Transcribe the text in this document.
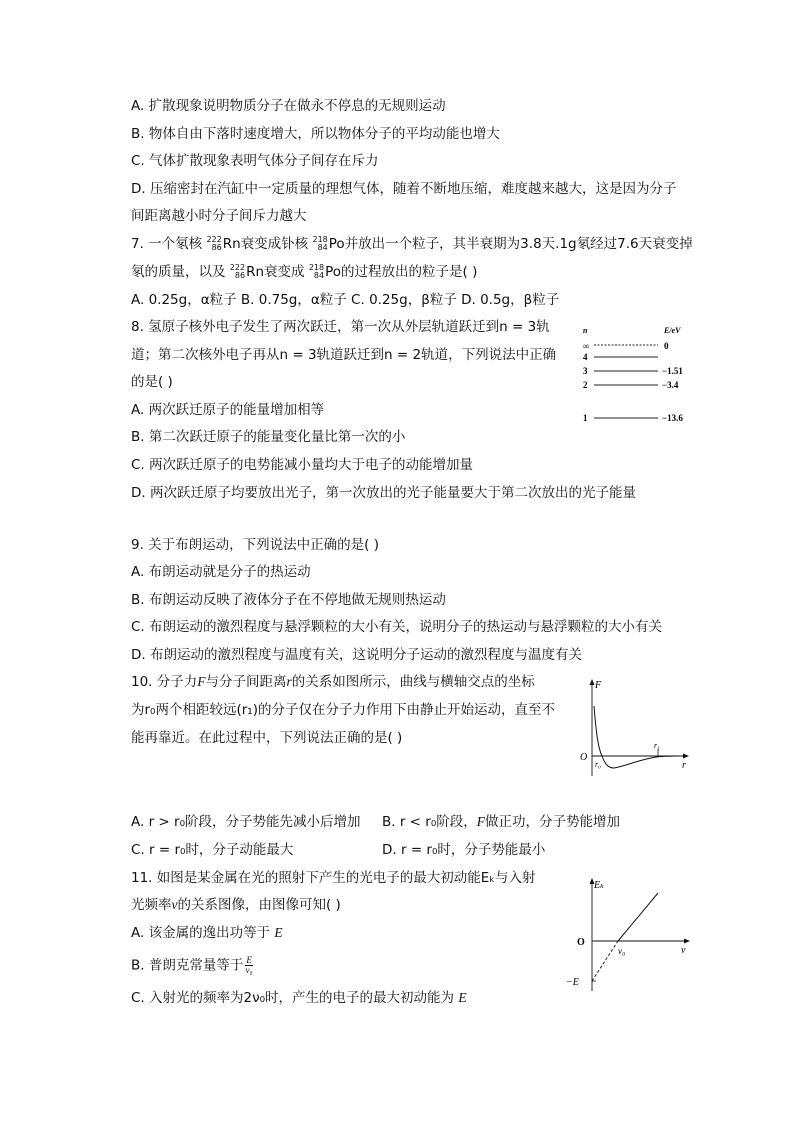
A. 扩散现象说明物质分子在做永不停息的无规则运动
B. 物体自由下落时速度增大，所以物体分子的平均动能也增大
C. 气体扩散现象表明气体分子间存在斥力
D. 压缩密封在汽缸中一定质量的理想气体，随着不断地压缩，难度越来越大，这是因为分子
间距离越小时分子间斥力越大
7. 一个氡核 222
86 Rn衰变成钋核 218
84 Po并放出一个粒子，其半衰期为3.8天.1g氡经过7.6天衰变掉
氡的质量，以及 222
86 Rn衰变成 218
84 Po的过程放出的粒子是( )
A. 0.25g，α粒子 B. 0.75g，α粒子 C. 0.25g，β粒子 D. 0.5g，β粒子
8. 氢原子核外电子发生了两次跃迁，第一次从外层轨道跃迁到n = 3轨
道；第二次核外电子再从n = 3轨道跃迁到n = 2轨道，下列说法中正确
的是( )
A. 两次跃迁原子的能量增加相等
B. 第二次跃迁原子的能量变化量比第一次的小
C. 两次跃迁原子的电势能减小量均大于电子的动能增加量
D. 两次跃迁原子均要放出光子，第一次放出的光子能量要大于第二次放出的光子能量
n	E/eV
∞	0
4
3	−1.51
2	−3.4
1	−13.6
9. 关于布朗运动，下列说法中正确的是( )
A. 布朗运动就是分子的热运动
B. 布朗运动反映了液体分子在不停地做无规则热运动
C. 布朗运动的激烈程度与悬浮颗粒的大小有关，说明分子的热运动与悬浮颗粒的大小有关
D. 布朗运动的激烈程度与温度有关，这说明分子运动的激烈程度与温度有关
10. 分子力F与分子间距离r的关系如图所示，曲线与横轴交点的坐标
为r₀两个相距较远(r₁)的分子仅在分子力作用下由静止开始运动，直至不
能再靠近。在此过程中，下列说法正确的是( )
F
r
O
r₀
r₁
A. r > r₀阶段，分子势能先减小后增加 B. r < r₀阶段，F做正功，分子势能增加
C. r = r₀时，分子动能最大	D. r = r₀时，分子势能最小
11. 如图是某金属在光的照射下产生的光电子的最大初动能Eₖ与入射
光频率ν的关系图像，由图像可知( )
A. 该金属的逸出功等于 E
B. 普朗克常量等于 $\frac{E}{\text{ν₀}}$
C. 入射光的频率为2ν₀时，产生的电子的最大初动能为 E
Eₖ
ν
O
−E
ν₀
